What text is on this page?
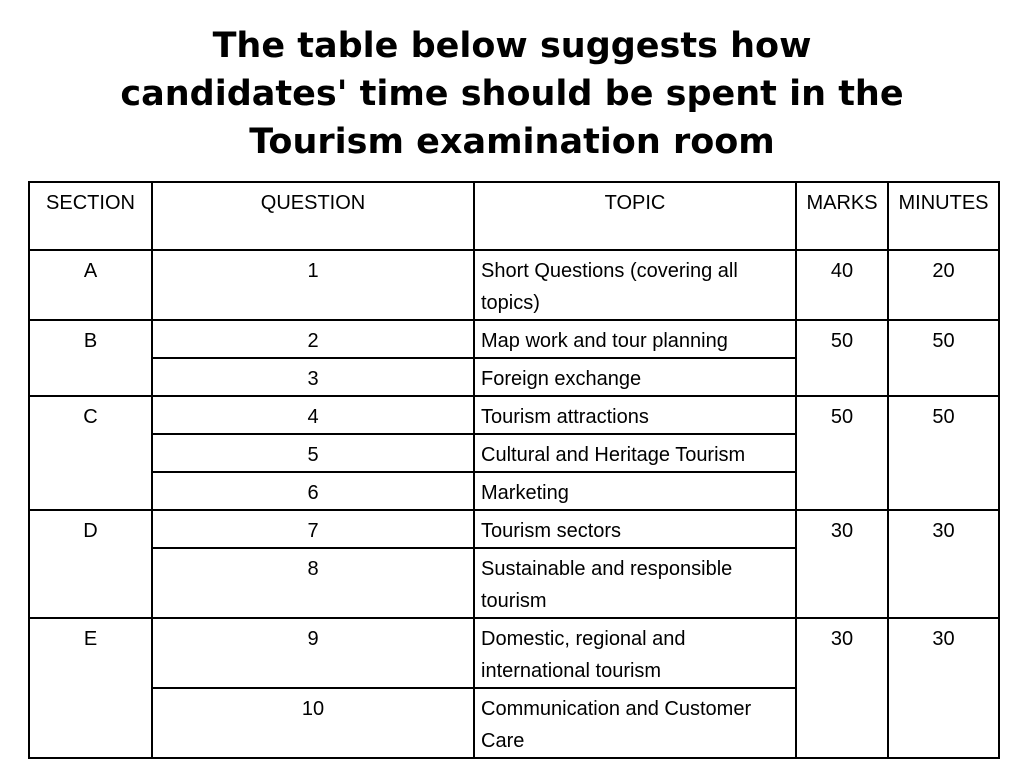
The table below suggests how
candidates' time should be spent in the
Tourism examination room
SECTION	QUESTION	TOPIC	MARKS	MINUTES
A	1	Short Questions (covering all topics)	40	20
B	2	Map work and tour planning	50	50
	3	Foreign exchange		
C	4	Tourism attractions	50	50
	5	Cultural and Heritage Tourism		
	6	Marketing		
D	7	Tourism sectors	30	30
	8	Sustainable and responsible tourism		
E	9	Domestic, regional and international tourism	30	30
	10	Communication and Customer Care		
